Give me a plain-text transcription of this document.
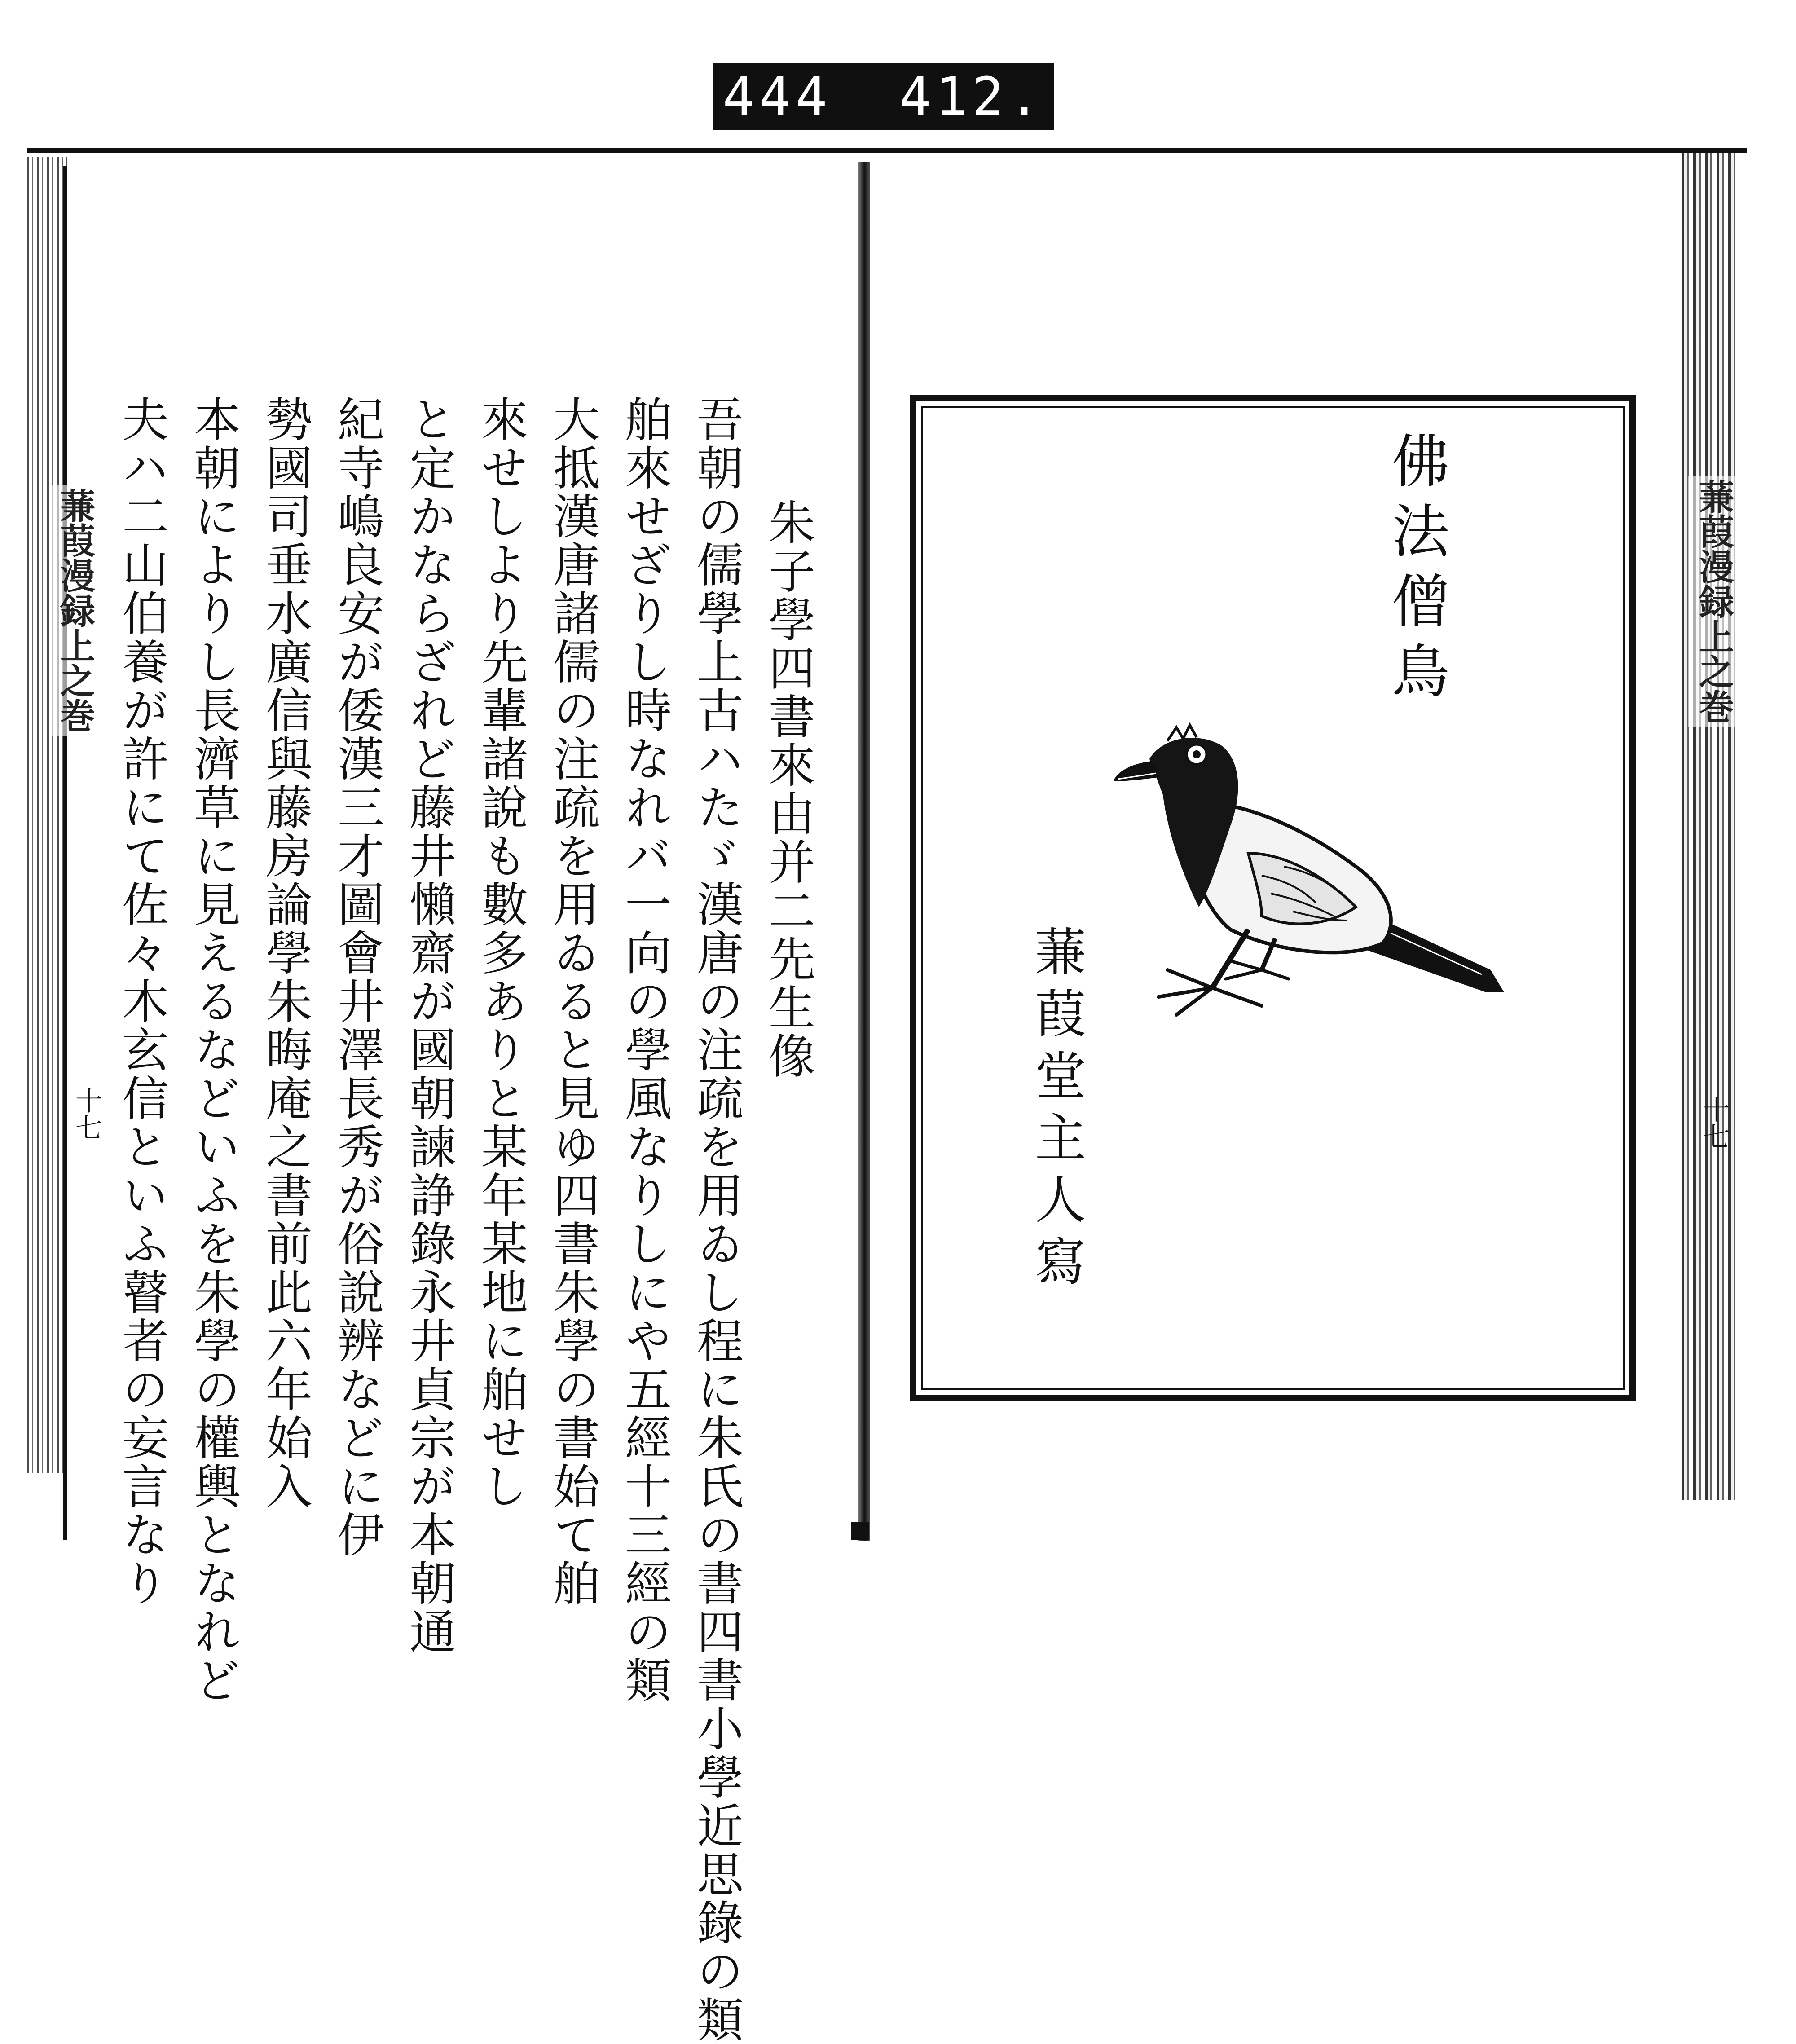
444 412.
蒹葭漫録上之巻
十七
朱子學四書來由并二先生像
吾朝の儒學上古ハたゞ漢唐の注疏を用ゐし程に朱氏の書四書小學近思錄の類
舶來せざりし時なれバ一向の學風なりしにや五經十三經の類
大抵漢唐諸儒の注疏を用ゐると見ゆ四書朱學の書始て舶
來せしより先輩諸說も數多ありと某年某地に舶せし
と定かならざれど藤井懶齋が國朝諫諍錄永井貞宗が本朝通
紀寺嶋良安が倭漢三才圖會井澤長秀が俗說辨などに伊
勢國司垂水廣信與藤房論學朱晦庵之書前此六年始入
本朝によりし長濟草に見えるなどいふを朱學の權輿となれど
夫ハ二山伯養が許にて佐々木玄信といふ瞽者の妄言なり	蒹葭漫録上之巻
十七
佛法僧鳥
蒹葭堂主人寫
